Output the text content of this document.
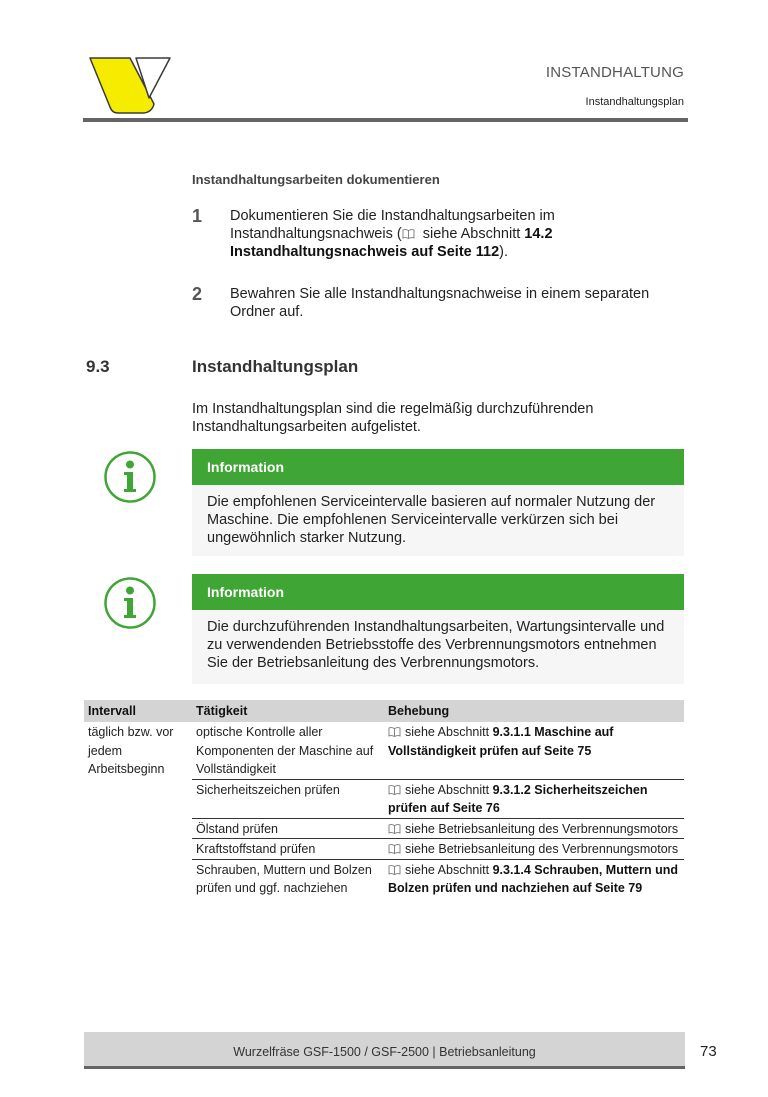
INSTANDHALTUNG
Instandhaltungsplan
Instandhaltungsarbeiten dokumentieren
1	Dokumentieren Sie die Instandhaltungsarbeiten im Instandhaltungsnachweis ( siehe Abschnitt 14.2 Instandhaltungsnachweis auf Seite 112).
2	Bewahren Sie alle Instandhaltungsnachweise in einem separaten Ordner auf.
9.3	Instandhaltungsplan
Im Instandhaltungsplan sind die regelmäßig durchzuführenden Instandhaltungsarbeiten aufgelistet.
Information
Die empfohlenen Serviceintervalle basieren auf normaler Nutzung der Maschine. Die empfohlenen Serviceintervalle verkürzen sich bei ungewöhnlich starker Nutzung.
Information
Die durchzuführenden Instandhaltungsarbeiten, Wartungsintervalle und zu verwendenden Betriebsstoffe des Verbrennungsmotors entnehmen Sie der Betriebsanleitung des Verbrennungsmotors.
Intervall	Tätigkeit	Behebung
täglich bzw. vor jedem Arbeitsbeginn	optische Kontrolle aller Komponenten der Maschine auf Vollständigkeit	siehe Abschnitt 9.3.1.1 Maschine auf Vollständigkeit prüfen auf Seite 75

	Sicherheitszeichen prüfen	siehe Abschnitt 9.3.1.2 Sicherheitszeichen prüfen auf Seite 76
	Ölstand prüfen	siehe Betriebsanleitung des Verbrennungsmotors
	Kraftstoffstand prüfen	siehe Betriebsanleitung des Verbrennungsmotors
	Schrauben, Muttern und Bolzen prüfen und ggf. nachziehen	siehe Abschnitt 9.3.1.4 Schrauben, Muttern und Bolzen prüfen und nachziehen auf Seite 79
Wurzelfräse GSF-1500 / GSF-2500 | Betriebsanleitung	73
